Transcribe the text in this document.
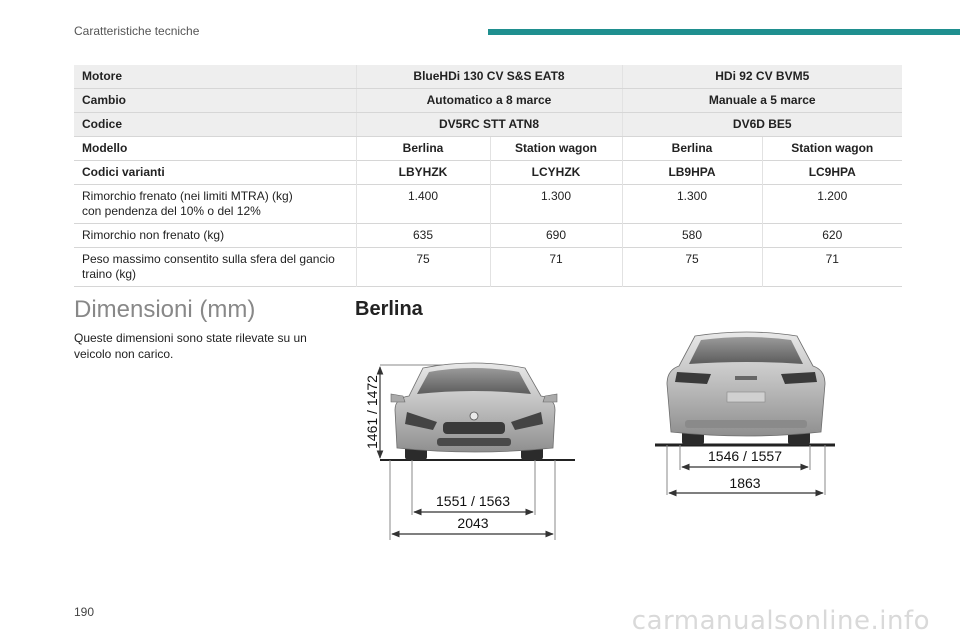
Caratteristiche tecniche
Motore	BlueHDi 130 CV S&S EAT8		HDi 92 CV BVM5	
Cambio	Automatico a 8 marce		Manuale a 5 marce	
Codice	DV5RC STT ATN8		DV6D BE5	
Modello	Berlina	Station wagon	Berlina	Station wagon
Codici varianti	LBYHZK	LCYHZK	LB9HPA	LC9HPA
Rimorchio frenato (nei limiti MTRA) (kg)
con pendenza del 10% o del 12%	1.400	1.300	1.300	1.200
Rimorchio non frenato (kg)	635	690	580	620
Peso massimo consentito sulla sfera del gancio traino (kg)	75	71	75	71
Dimensioni (mm)
Queste dimensioni sono state rilevate su un veicolo non carico.
Berlina
1461 / 1472
1551 / 1563
2043
1546 / 1557
1863
190	carmanualsonline.info
